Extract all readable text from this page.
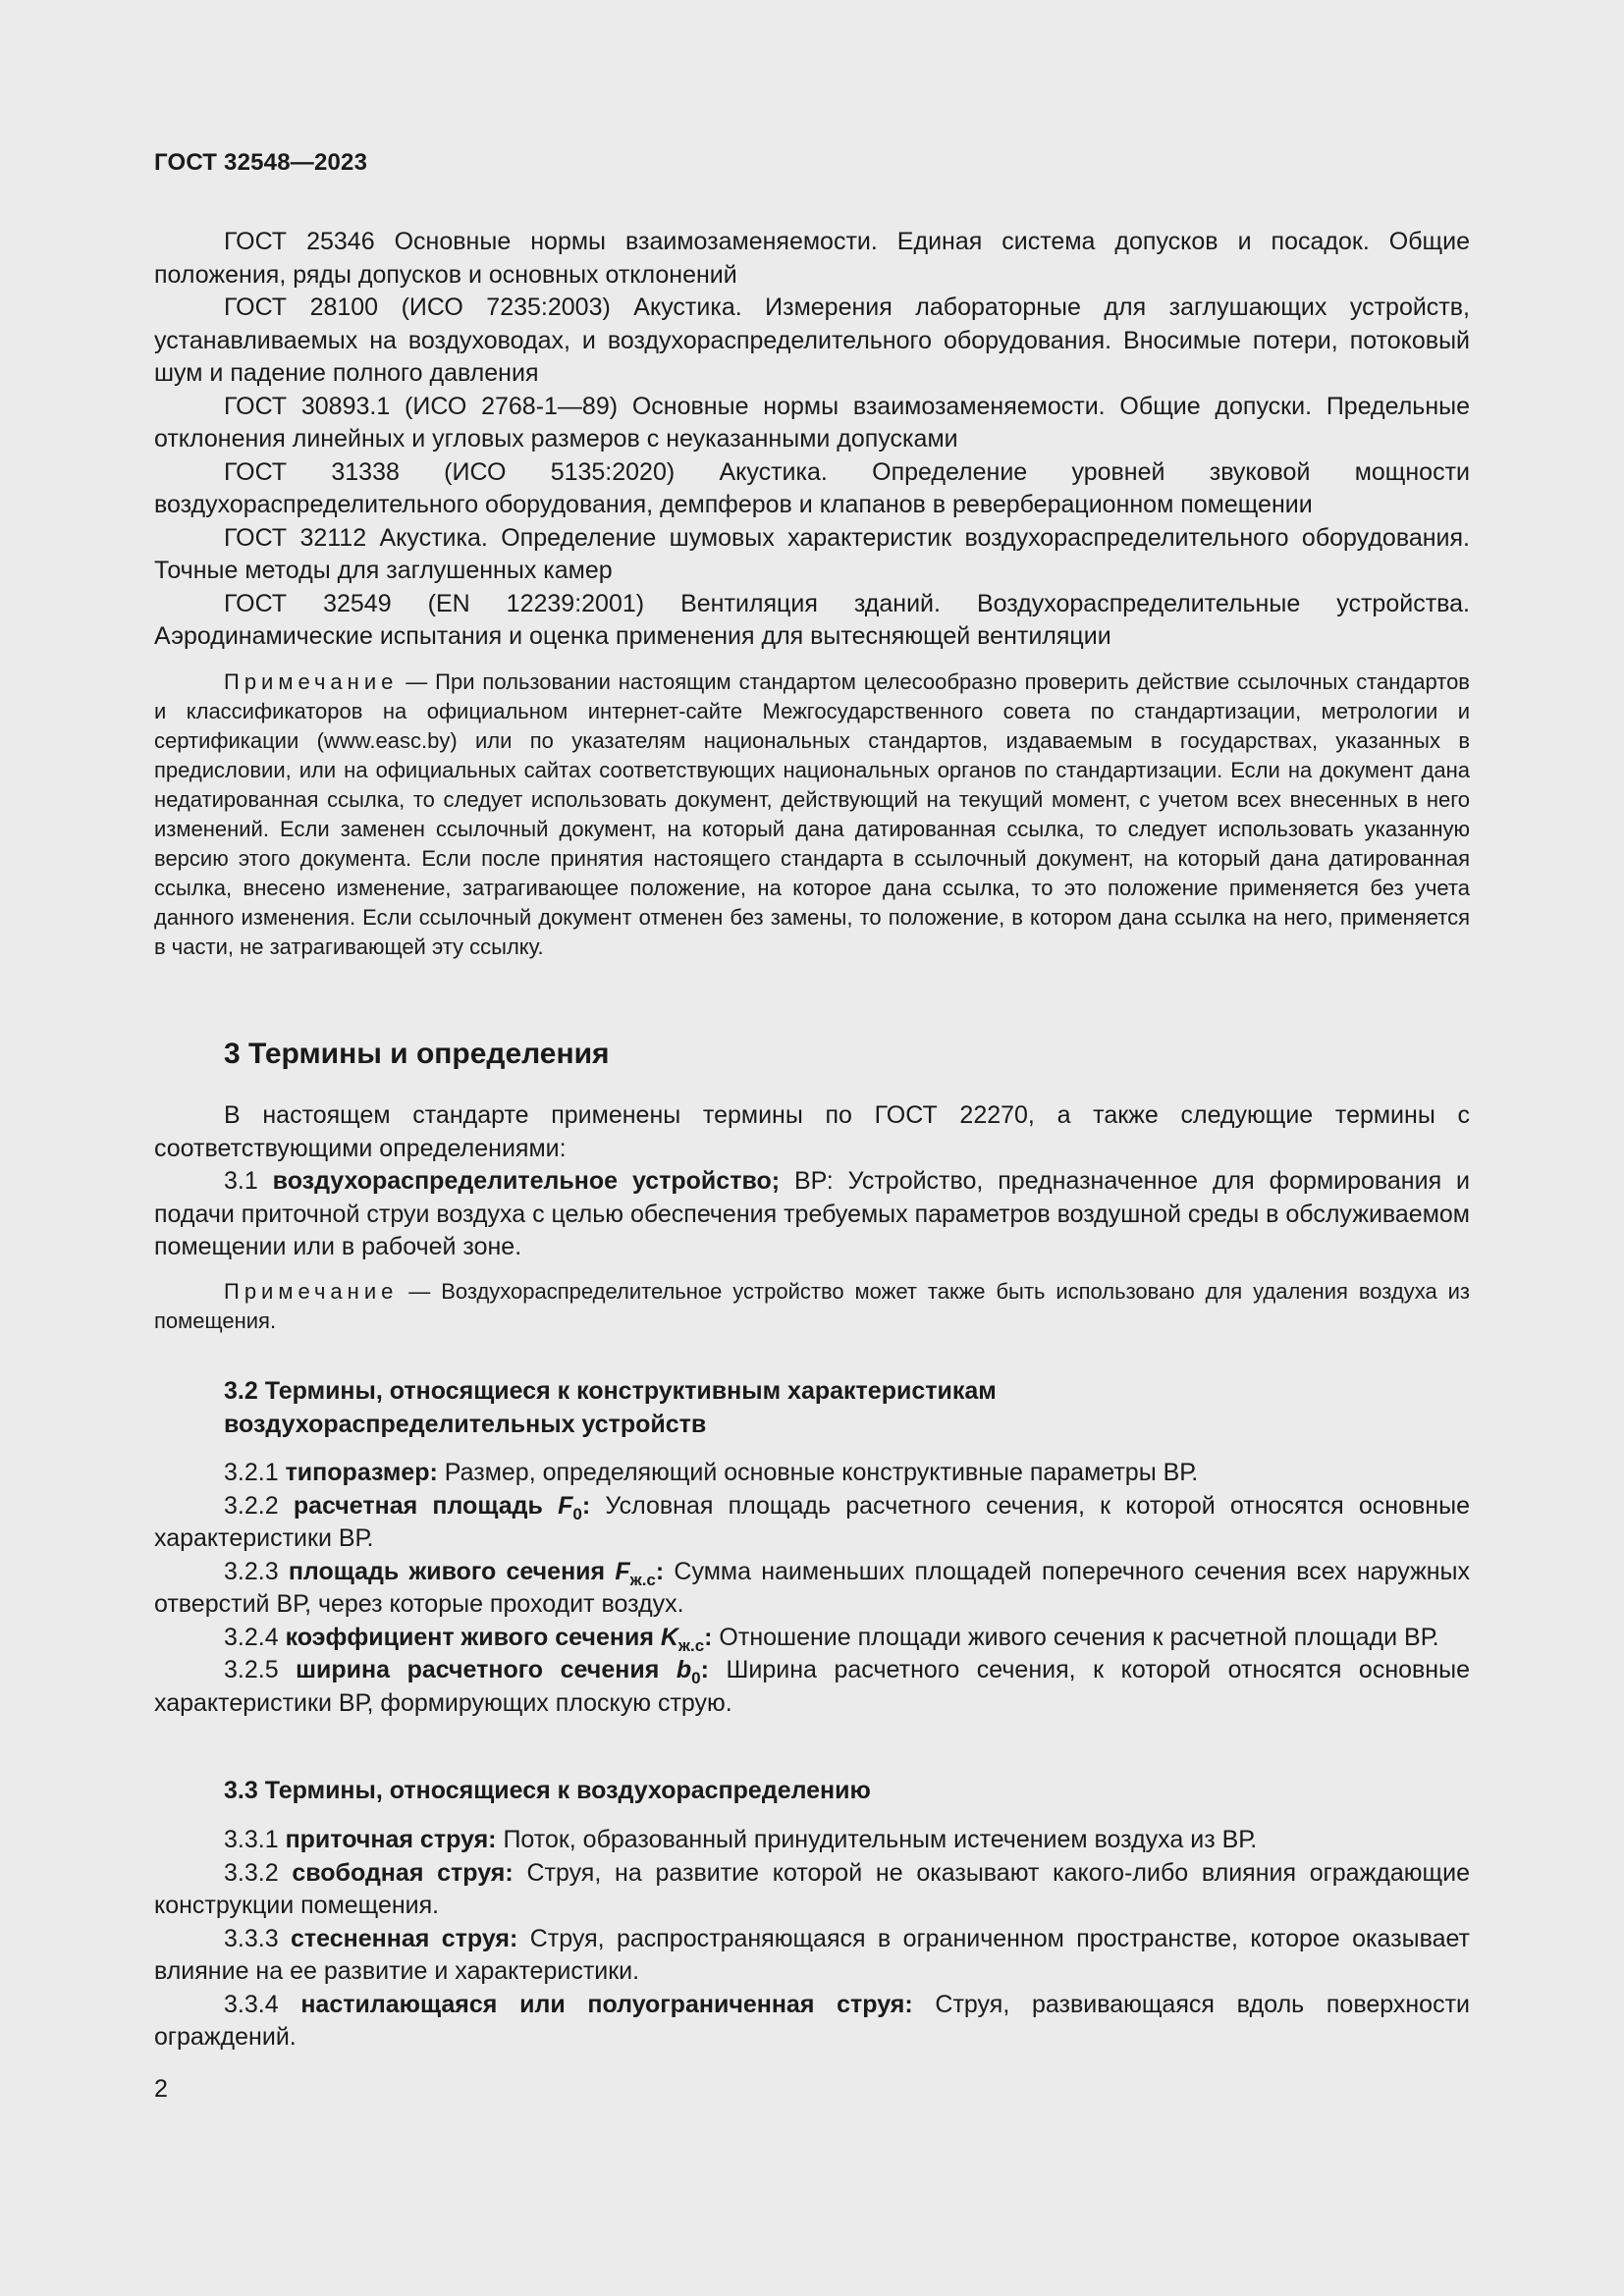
ГОСТ 32548—2023

ГОСТ 25346 Основные нормы взаимозаменяемости. Единая система допусков и посадок. Общие положения, ряды допусков и основных отклонений

ГОСТ 28100 (ИСО 7235:2003) Акустика. Измерения лабораторные для заглушающих устройств, устанавливаемых на воздуховодах, и воздухораспределительного оборудования. Вносимые потери, потоковый шум и падение полного давления

ГОСТ 30893.1 (ИСО 2768-1—89) Основные нормы взаимозаменяемости. Общие допуски. Предельные отклонения линейных и угловых размеров с неуказанными допусками

ГОСТ 31338 (ИСО 5135:2020) Акустика. Определение уровней звуковой мощности воздухораспределительного оборудования, демпферов и клапанов в реверберационном помещении

ГОСТ 32112 Акустика. Определение шумовых характеристик воздухораспределительного оборудования. Точные методы для заглушенных камер

ГОСТ 32549 (EN 12239:2001) Вентиляция зданий. Воздухораспределительные устройства. Аэродинамические испытания и оценка применения для вытесняющей вентиляции

Примечание — При пользовании настоящим стандартом целесообразно проверить действие ссылочных стандартов и классификаторов на официальном интернет-сайте Межгосударственного совета по стандартизации, метрологии и сертификации (www.easc.by) или по указателям национальных стандартов, издаваемым в государствах, указанных в предисловии, или на официальных сайтах соответствующих национальных органов по стандартизации. Если на документ дана недатированная ссылка, то следует использовать документ, действующий на текущий момент, с учетом всех внесенных в него изменений. Если заменен ссылочный документ, на который дана датированная ссылка, то следует использовать указанную версию этого документа. Если после принятия настоящего стандарта в ссылочный документ, на который дана датированная ссылка, внесено изменение, затрагивающее положение, на которое дана ссылка, то это положение применяется без учета данного изменения. Если ссылочный документ отменен без замены, то положение, в котором дана ссылка на него, применяется в части, не затрагивающей эту ссылку.

3 Термины и определения

В настоящем стандарте применены термины по ГОСТ 22270, а также следующие термины с соответствующими определениями:

3.1 воздухораспределительное устройство; ВР: Устройство, предназначенное для формирования и подачи приточной струи воздуха с целью обеспечения требуемых параметров воздушной среды в обслуживаемом помещении или в рабочей зоне.

Примечание — Воздухораспределительное устройство может также быть использовано для удаления воздуха из помещения.

3.2 Термины, относящиеся к конструктивным характеристикам
воздухораспределительных устройств

3.2.1 типоразмер: Размер, определяющий основные конструктивные параметры ВР.

3.2.2 расчетная площадь $F_0$: Условная площадь расчетного сечения, к которой относятся основные характеристики ВР.

3.2.3 площадь живого сечения $F_{ж.с}$: Сумма наименьших площадей поперечного сечения всех наружных отверстий ВР, через которые проходит воздух.

3.2.4 коэффициент живого сечения $K_{ж.с}$: Отношение площади живого сечения к расчетной площади ВР.

3.2.5 ширина расчетного сечения $b_0$: Ширина расчетного сечения, к которой относятся основные характеристики ВР, формирующих плоскую струю.

3.3 Термины, относящиеся к воздухораспределению

3.3.1 приточная струя: Поток, образованный принудительным истечением воздуха из ВР.

3.3.2 свободная струя: Струя, на развитие которой не оказывают какого-либо влияния ограждающие конструкции помещения.

3.3.3 стесненная струя: Струя, распространяющаяся в ограниченном пространстве, которое оказывает влияние на ее развитие и характеристики.

3.3.4 настилающаяся или полуограниченная струя: Струя, развивающаяся вдоль поверхности ограждений.

2
